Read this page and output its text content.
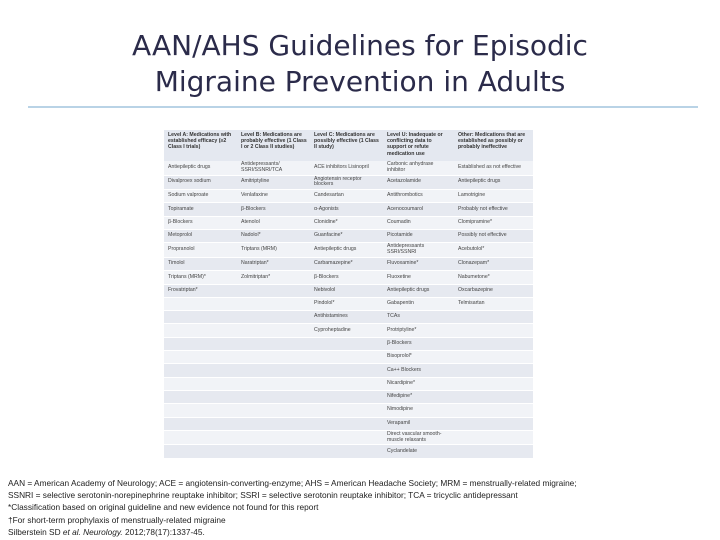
AAN/AHS Guidelines for Episodic
Migraine Prevention in Adults
Level A: Medications with established efficacy (≥2 Class I trials)	Level B: Medications are probably effective (1 Class I or 2 Class II studies)	Level C: Medications are possibly effective (1 Class II study)	Level U: Inadequate or conflicting data to support or refute medication use	Other: Medications that are established as possibly or probably ineffective
Antiepileptic drugs	Antidepressants/ SSRI/SSNRI/TCA	ACE inhibitors Lisinopril	Carbonic anhydrase inhibitor	Established as not effective
Divalproex sodium	Amitriptyline	Angiotensin receptor blockers	Acetazolamide	Antiepileptic drugs
Sodium valproate	Venlafaxine	Candesartan	Antithrombotics	Lamotrigine
Topiramate	β-Blockers	α-Agonists	Acenocoumarol	Probably not effective
β-Blockers	Atenolol	Clonidine*	Coumadin	Clomipramine*
Metoprolol	Nadolol*	Guanfacine*	Picotamide	Possibly not effective
Propranolol	Triptans (MRM)	Antiepileptic drugs	Antidepressants SSRI/SSNRI	Acebutolol*
Timolol	Naratriptan*	Carbamazepine*	Fluvoxamine*	Clonazepam*
Triptans (MRM)*	Zolmitriptan*	β-Blockers	Fluoxetine	Nabumetone*
Frovatriptan*		Nebivolol	Antiepileptic drugs	Oxcarbazepine
		Pindolol*	Gabapentin	Telmisartan
		Antihistamines	TCAs	
		Cyproheptadine	Protriptyline*	
			β-Blockers	
			Bisoprolol*	
			Ca++ Blockers	
			Nicardipine*	
			Nifedipine*	
			Nimodipine	
			Verapamil	
			Direct vascular smooth-muscle relaxants	
			Cyclandelate	
AAN = American Academy of Neurology; ACE = angiotensin-converting-enzyme; AHS = American Headache Society; MRM = menstrually-related migraine;
SSNRI = selective serotonin-norepinephrine reuptake inhibitor; SSRI = selective serotonin reuptake inhibitor; TCA = tricyclic antidepressant
*Classification based on original guideline and new evidence not found for this report
†For short-term prophylaxis of menstrually-related migraine
Silberstein SD et al. Neurology. 2012;78(17):1337-45.
